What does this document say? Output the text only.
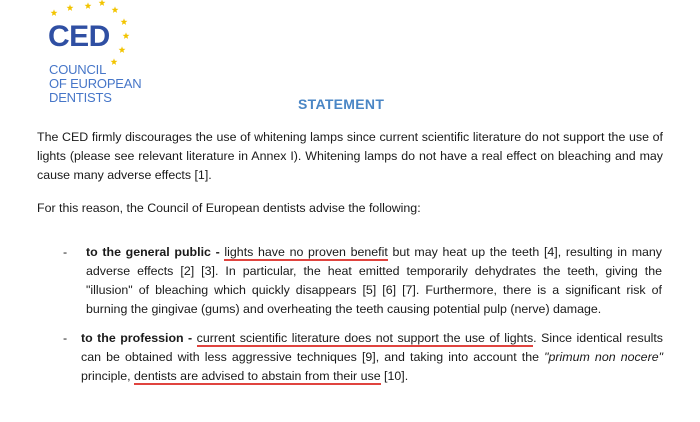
CED
COUNCIL
OF EUROPEAN
DENTISTS	STATEMENT
The CED firmly discourages the use of whitening lamps since current scientific literature do not support the use of lights (please see relevant literature in Annex I). Whitening lamps do not have a real effect on bleaching and may cause many adverse effects [1].
For this reason, the Council of European dentists advise the following:
- to the general public - lights have no proven benefit but may heat up the teeth [4], resulting in many adverse effects [2] [3]. In particular, the heat emitted temporarily dehydrates the teeth, giving the "illusion" of bleaching which quickly disappears [5] [6] [7]. Furthermore, there is a significant risk of burning the gingivae (gums) and overheating the teeth causing potential pulp (nerve) damage.
- to the profession - current scientific literature does not support the use of lights. Since identical results can be obtained with less aggressive techniques [9], and taking into account the "primum non nocere" principle, dentists are advised to abstain from their use [10].
